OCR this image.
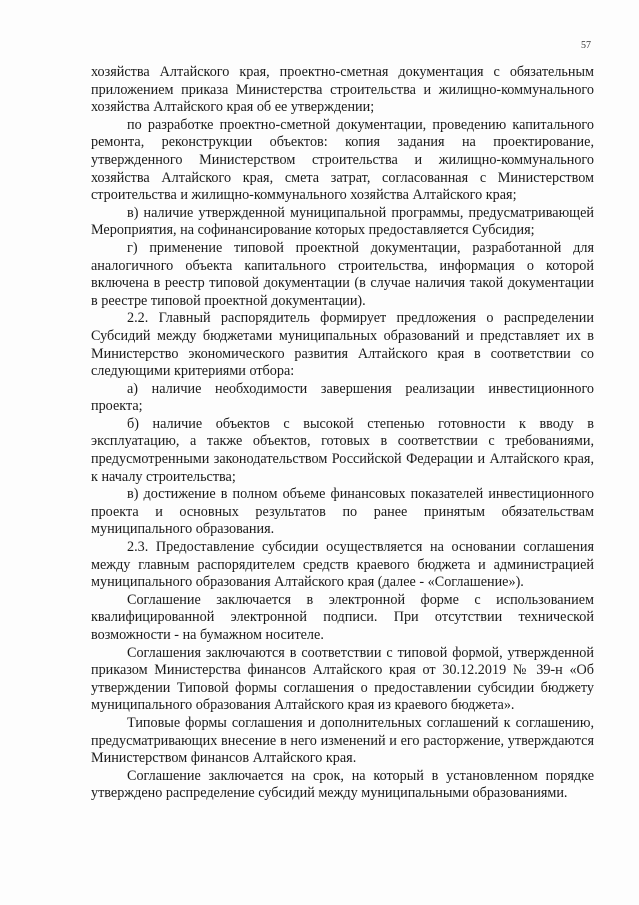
57

хозяйства Алтайского края, проектно-сметная документация с обязательным приложением приказа Министерства строительства и жилищно-коммунального хозяйства Алтайского края об ее утверждении;

по разработке проектно-сметной документации, проведению капитального ремонта, реконструкции объектов: копия задания на проектирование, утвержденного Министерством строительства и жилищно-коммунального хозяйства Алтайского края, смета затрат, согласованная с Министерством строительства и жилищно-коммунального хозяйства Алтайского края;

в) наличие утвержденной муниципальной программы, предусматривающей Мероприятия, на софинансирование которых предоставляется Субсидия;

г) применение типовой проектной документации, разработанной для аналогичного объекта капитального строительства, информация о которой включена в реестр типовой документации (в случае наличия такой документации в реестре типовой проектной документации).

2.2. Главный распорядитель формирует предложения о распределении Субсидий между бюджетами муниципальных образований и представляет их в Министерство экономического развития Алтайского края в соответствии со следующими критериями отбора:

а) наличие необходимости завершения реализации инвестиционного проекта;

б) наличие объектов с высокой степенью готовности к вводу в эксплуатацию, а также объектов, готовых в соответствии с требованиями, предусмотренными законодательством Российской Федерации и Алтайского края, к началу строительства;

в) достижение в полном объеме финансовых показателей инвестиционного проекта и основных результатов по ранее принятым обязательствам муниципального образования.

2.3. Предоставление субсидии осуществляется на основании соглашения между главным распорядителем средств краевого бюджета и администрацией муниципального образования Алтайского края (далее - «Соглашение»).

Соглашение заключается в электронной форме с использованием квалифицированной электронной подписи. При отсутствии технической возможности - на бумажном носителе.

Соглашения заключаются в соответствии с типовой формой, утвержденной приказом Министерства финансов Алтайского края от 30.12.2019 № 39-н «Об утверждении Типовой формы соглашения о предоставлении субсидии бюджету муниципального образования Алтайского края из краевого бюджета».

Типовые формы соглашения и дополнительных соглашений к соглашению, предусматривающих внесение в него изменений и его расторжение, утверждаются Министерством финансов Алтайского края.

Соглашение заключается на срок, на который в установленном порядке утверждено распределение субсидий между муниципальными образованиями.
